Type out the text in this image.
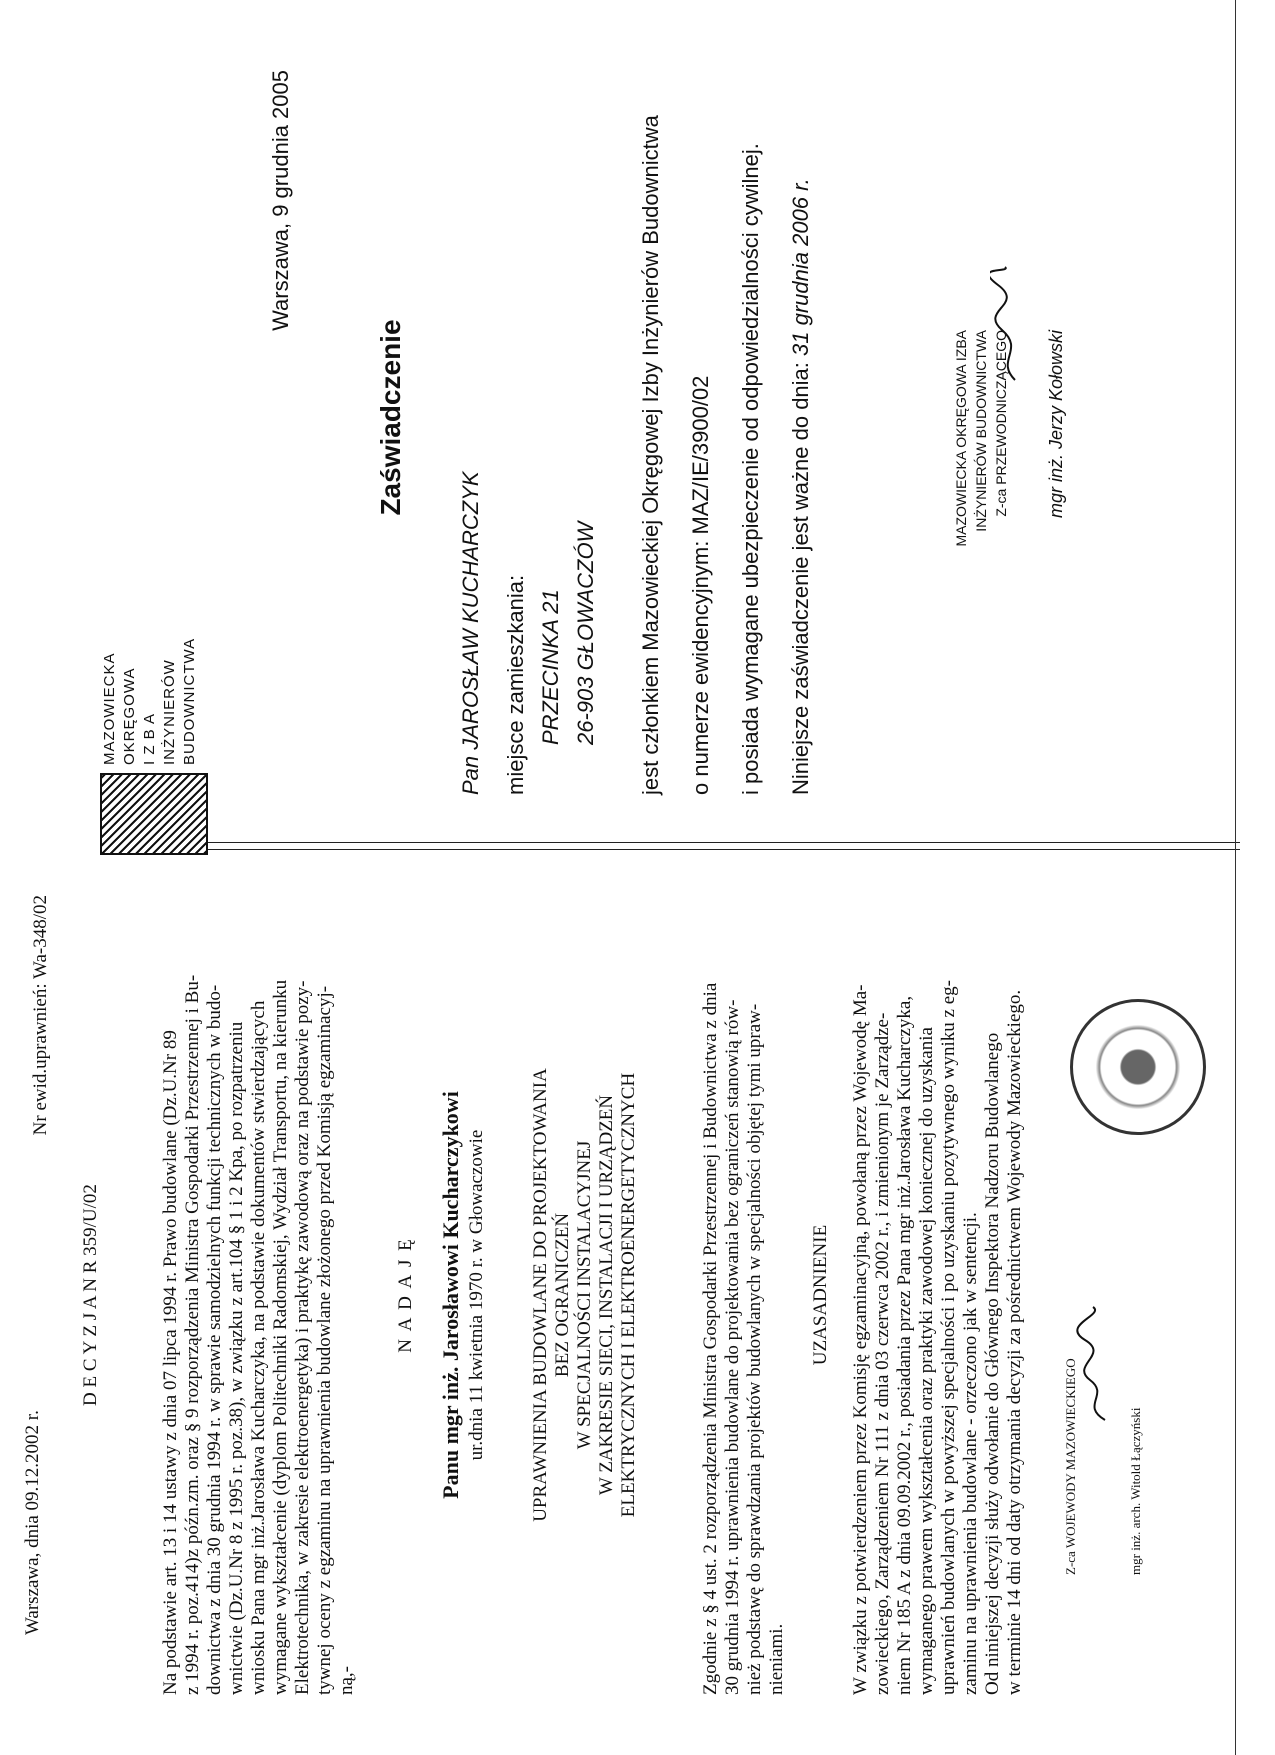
Warszawa, dnia 09.12.2002 r.
Nr ewid.uprawnień: Wa-348/02
D E C Y Z J A N R 359/U/02	Na podstawie art. 13 i 14 ustawy z dnia 07 lipca 1994 r. Prawo budowlane (Dz.U.Nr 89 z 1994 r. poz.414)z późn.zm. oraz § 9 rozporządzenia Ministra Gospodarki Przestrzennej i Bu- downictwa z dnia 30 grudnia 1994 r. w sprawie samodzielnych funkcji technicznych w budo- wnictwie (Dz.U.Nr 8 z 1995 r. poz.38), w związku z art.104 § 1 i 2 Kpa, po rozpatrzeniu wniosku Pana mgr inż.Jarosława Kucharczyka, na podstawie dokumentów stwierdzających wymagane wykształcenie (dyplom Politechniki Radomskiej, Wydział Transportu, na kierunku Elektrotechnika, w zakresie elektroenergetyka) i praktykę zawodową oraz na podstawie pozy- tywnej oceny z egzaminu na uprawnienia budowlane złożonego przed Komisją egzaminacyj- ną,-
N A D A J Ę Panu mgr inż. Jarosławowi Kucharczykowi ur.dnia 11 kwietnia 1970 r. w Głowaczowie UPRAWNIENIA BUDOWLANE DO PROJEKTOWANIA BEZ OGRANICZEŃ W SPECJALNOŚCI INSTALACYJNEJ W ZAKRESIE SIECI, INSTALACJI I URZĄDZEŃ ELEKTRYCZNYCH I ELEKTROENERGETYCZNYCH	Zgodnie z § 4 ust. 2 rozporządzenia Ministra Gospodarki Przestrzennej i Budownictwa z dnia 30 grudnia 1994 r. uprawnienia budowlane do projektowania bez ograniczeń stanowią rów- nież podstawę do sprawdzania projektów budowlanych w specjalności objętej tymi upraw- nieniami.
UZASADNIENIE W związku z potwierdzeniem przez Komisję egzaminacyjną, powołaną przez Wojewodę Ma- zowieckiego, Zarządzeniem Nr 111 z dnia 03 czerwca 2002 r., i zmienionym je Zarządze- niem Nr 185 A z dnia 09.09.2002 r., posiadania przez Pana mgr inż.Jarosława Kucharczyka, wymaganego prawem wykształcenia oraz praktyki zawodowej koniecznej do uzyskania uprawnień budowlanych w powyższej specjalności i po uzyskaniu pozytywnego wyniku z eg- zaminu na uprawnienia budowlane - orzeczono jak w sentencji. Od niniejszej decyzji służy odwołanie do Głównego Inspektora Nadzoru Budowlanego w terminie 14 dni od daty otrzymania decyzji za pośrednictwem Wojewody Mazowieckiego.	Z-ca WOJEWODY MAZOWIECKIEGO	mgr inż. arch. Witold Łączyński
MAZOWIECKA OKRĘGOWA I Z B A INŻYNIERÓW BUDOWNICTWA
Warszawa, 9 grudnia 2005
Zaświadczenie
Pan JAROSŁAW KUCHARCZYK miejsce zamieszkania: PRZECINKA 21 26-903 GŁOWACZÓW jest członkiem Mazowieckiej Okręgowej Izby Inżynierów Budownictwa o numerze ewidencyjnym: MAZ/IE/3900/02 i posiada wymagane ubezpieczenie od odpowiedzialności cywilnej. Niniejsze zaświadczenie jest ważne do dnia: 31 grudnia 2006 r.
MAZOWIECKA OKRĘGOWA IZBA INŻYNIERÓW BUDOWNICTWA Z-ca PRZEWODNICZĄCEGO mgr inż. Jerzy Kołowski
